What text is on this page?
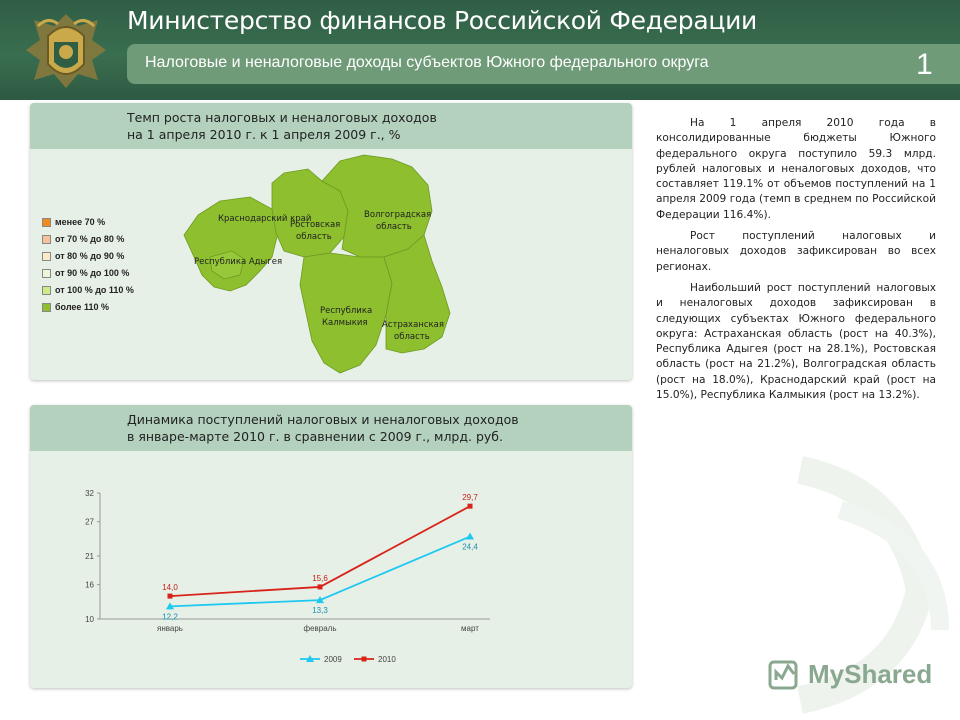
Министерство финансов Российской Федерации
Налоговые и неналоговые доходы субъектов Южного федерального округа	1
Темп роста налоговых и неналоговых доходов
на 1 апреля 2010 г. к 1 апреля 2009 г., %
менее 70 %
от 70 % до 80 %
от 80 % до 90 %
от 90 % до 100 %
от 100 % до 110 %
более 110 %
Краснодарский край
Ростовская
область
Волгоградская
область
Республика Адыгея
Республика
Калмыкия Астраханская
область
Динамика поступлений налоговых и неналоговых доходов
в январе-марте 2010 г. в сравнении с 2009 г., млрд. руб.
10
16
21
27
32
январь	февраль	март
12,2
13,3
24,4
14,0
15,6
29,7
2009	2010

На 1 апреля 2010 года в консолидированные бюджеты Южного федерального округа поступило 59.3 млрд. рублей налоговых и неналоговых доходов, что составляет 119.1% от объемов поступлений на 1 апреля 2009 года (темп в среднем по Российской Федерации 116.4%).

Рост поступлений налоговых и неналоговых доходов зафиксирован во всех регионах.

Наибольший рост поступлений налоговых и неналоговых доходов зафиксирован в следующих субъектах Южного федерального округа: Астраханская область (рост на 40.3%), Республика Адыгея (рост на 28.1%), Ростовская область (рост на 21.2%), Волгоградская область (рост на 18.0%), Краснодарский край (рост на 15.0%), Республика Калмыкия (рост на 13.2%).

MyShared
